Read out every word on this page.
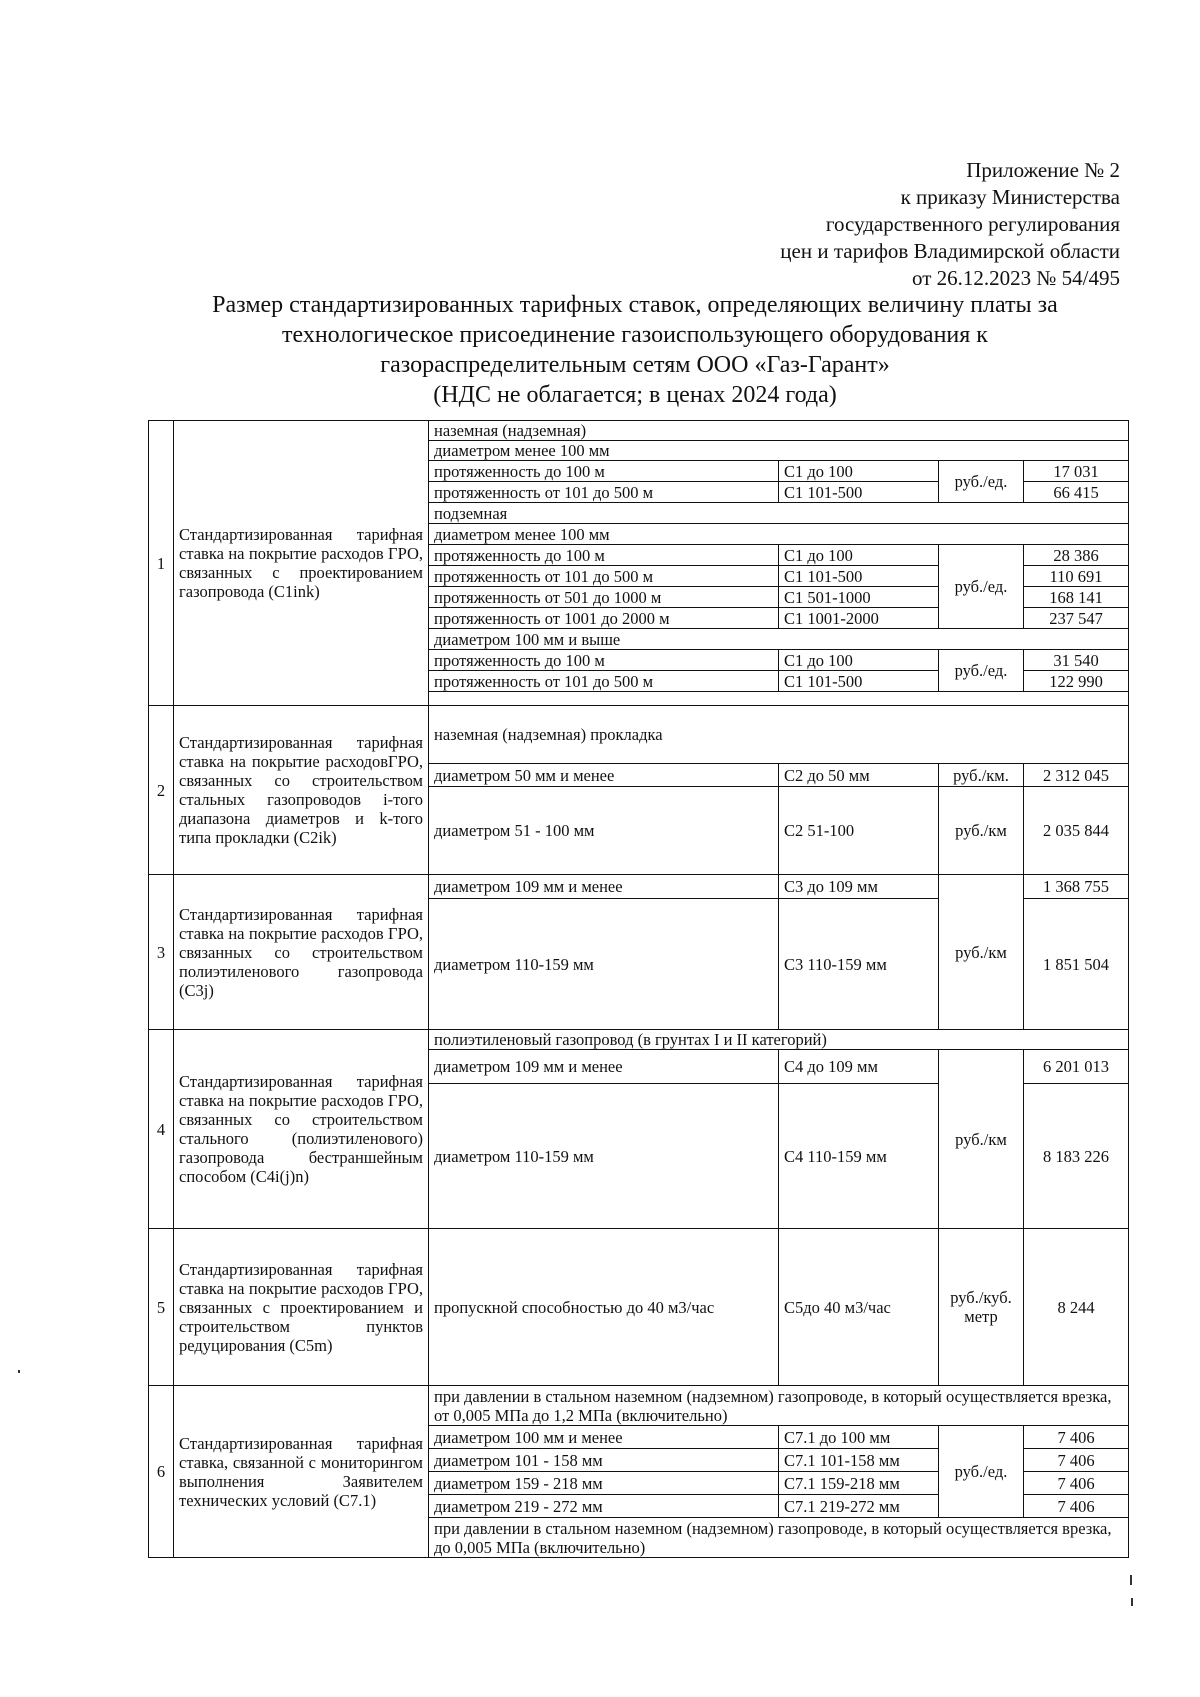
Приложение № 2
к приказу Министерства
государственного регулирования
цен и тарифов Владимирской области
от 26.12.2023 № 54/495
Размер стандартизированных тарифных ставок, определяющих величину платы за
технологическое присоединение газоиспользующего оборудования к
газораспределительным сетям ООО «Газ-Гарант»
(НДС не облагается; в ценах 2024 года)
1	Стандартизированная тарифная ставка на покрытие расходов ГРО, связанных с проектированием газопровода (C1ink)	наземная (надземная)			
		диаметром менее 100 мм			
		протяженность до 100 м	C1 до 100	руб./ед.	17 031
		протяженность от 101 до 500 м	C1 101-500		66 415
		подземная			
		диаметром менее 100 мм			
		протяженность до 100 м	C1 до 100	руб./ед.	28 386
		протяженность от 101 до 500 м	C1 101-500		110 691
		протяженность от 501 до 1000 м	C1 501-1000		168 141
		протяженность от 1001 до 2000 м	C1 1001-2000		237 547
		диаметром 100 мм и выше			
		протяженность до 100 м	C1 до 100	руб./ед.	31 540
		протяженность от 101 до 500 м	C1 101-500		122 990

2	Стандартизированная тарифная ставка на покрытие расходовГРО, связанных со строительством стальных газопроводов i-того диапазона диаметров и k-того типа прокладки (C2ik)	наземная (надземная) прокладка			
		диаметром 50 мм и менее	C2 до 50 мм	руб./км.	2 312 045
		диаметром 51 - 100 мм	C2 51-100	руб./км	2 035 844
3	Стандартизированная тарифная ставка на покрытие расходов ГРО, связанных со строительством полиэтиленового газопровода (C3j)	диаметром 109 мм и менее	C3 до 109 мм	руб./км	1 368 755
		диаметром 110-159 мм	C3 110-159 мм		1 851 504
4	Стандартизированная тарифная ставка на покрытие расходов ГРО, связанных со строительством стального (полиэтиленового) газопровода бестраншейным способом (C4i(j)n)	полиэтиленовый газопровод (в грунтах I и II категорий)			
		диаметром 109 мм и менее	C4 до 109 мм	руб./км	6 201 013
		диаметром 110-159 мм	C4 110-159 мм		8 183 226
5	Стандартизированная тарифная ставка на покрытие расходов ГРО, связанных с проектированием и строительством пунктов редуцирования (C5m)	пропускной способностью до 40 м3/час	C5до 40 м3/час	руб./куб. метр	8 244
6	Стандартизированная тарифная ставка, связанной с мониторингом выполнения Заявителем технических условий (C7.1)	при давлении в стальном наземном (надземном) газопроводе, в который осуществляется врезка, от 0,005 МПа до 1,2 МПа (включительно)			
		диаметром 100 мм и менее	C7.1 до 100 мм	руб./ед.	7 406
		диаметром 101 - 158 мм	C7.1 101-158 мм		7 406
		диаметром 159 - 218 мм	C7.1 159-218 мм		7 406
		диаметром 219 - 272 мм	C7.1 219-272 мм		7 406
		при давлении в стальном наземном (надземном) газопроводе, в который осуществляется врезка, до 0,005 МПа (включительно)			
